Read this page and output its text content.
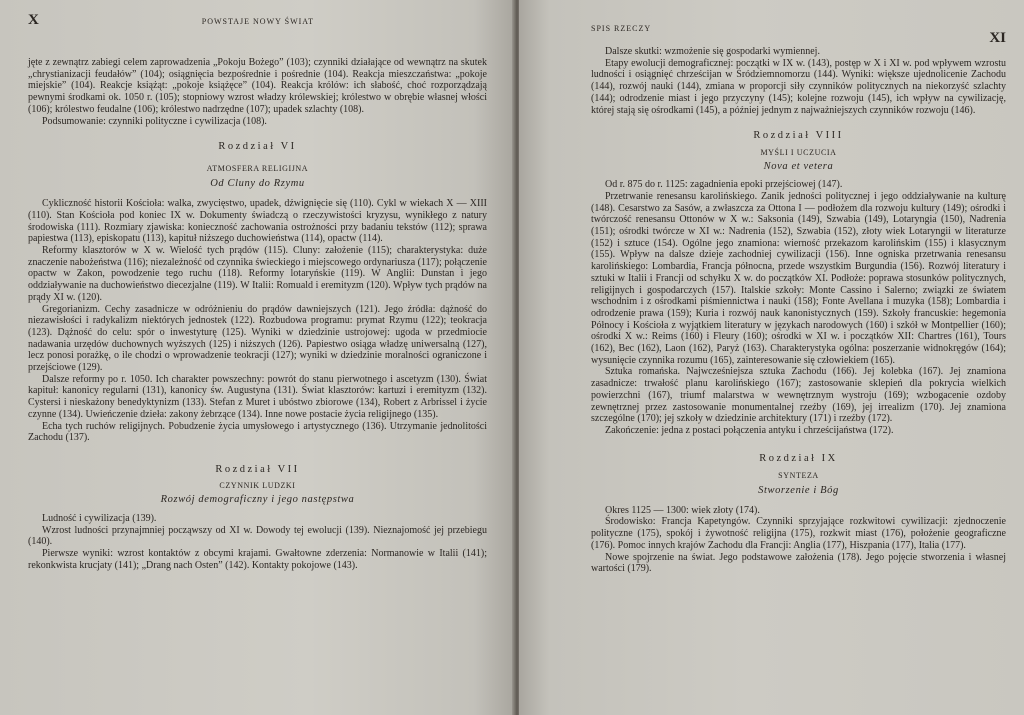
X	POWSTAJE NOWY ŚWIAT

jęte z zewnątrz zabiegi celem zaprowadzenia „Pokoju Bożego” (103); czynniki działające od wewnątrz na skutek „chrystianizacji feudałów” (104); osiągnięcia bezpośrednie i pośrednie (104). Reakcja mieszczaństwa: „pokoje miejskie” (104). Reakcje książąt: „pokoje książęce” (104). Reakcja królów: ich słabość, choć rozporządzają pewnymi środkami ok. 1050 r. (105); stopniowy wzrost władzy królewskiej; królestwo w obrębie własnej włości (106); królestwo feudalne (106); królestwo nadrzędne (107); upadek szlachty (108).

Podsumowanie: czynniki polityczne i cywilizacja (108).

Rozdział VI
ATMOSFERA RELIGIJNA
Od Cluny do Rzymu

Cykliczność historii Kościoła: walka, zwycięstwo, upadek, dźwignięcie się (110). Cykl w wiekach X — XIII (110). Stan Kościoła pod koniec IX w. Dokumenty świadczą o rzeczywistości kryzysu, wynikłego z natury środowiska (111). Rozmiary zjawiska: konieczność zachowania ostrożności przy badaniu tekstów (112); sprawa papiestwa (113), episkopatu (113), kapituł niższego duchowieństwa (114), opactw (114).

Reformy klasztorów w X w. Wielość tych prądów (115). Cluny: założenie (115); charakterystyka: duże znaczenie nabożeństwa (116); niezależność od czynnika świeckiego i miejscowego ordynariusza (117); połączenie opactw w Zakon, powodzenie tego ruchu (118). Reformy lotaryńskie (119). W Anglii: Dunstan i jego oddziaływanie na duchowieństwo diecezjalne (119). W Italii: Romuald i eremityzm (120). Wpływ tych prądów na prądy XI w. (120).

Gregorianizm. Cechy zasadnicze w odróżnieniu do prądów dawniejszych (121). Jego źródła: dążność do niezawisłości i radykalizm niektórych jednostek (122). Rozbudowa programu: prymat Rzymu (122); teokracja (123). Dążność do celu: spór o inwestyturę (125). Wyniki w dziedzinie ustrojowej: ugoda w przedmiocie nadawania urzędów duchownych wyższych (125) i niższych (126). Papiestwo osiąga władzę uniwersalną (127), lecz ponosi porażkę, o ile chodzi o wprowadzenie teokracji (127); wyniki w dziedzinie moralności ograniczone i przejściowe (129).

Dalsze reformy po r. 1050. Ich charakter powszechny: powrót do stanu pierwotnego i ascetyzm (130). Świat kapituł: kanonicy regularni (131), kanonicy św. Augustyna (131). Świat klasztorów: kartuzi i eremityzm (132). Cystersi i nieskażony benedyktynizm (133). Stefan z Muret i ubóstwo zbiorowe (134), Robert z Arbrissel i życie czynne (134). Uwieńczenie dzieła: zakony żebrzące (134). Inne nowe postacie życia religijnego (135).

Echa tych ruchów religijnych. Pobudzenie życia umysłowego i artystycznego (136). Utrzymanie jednolitości Zachodu (137).

Rozdział VII
CZYNNIK LUDZKI
Rozwój demograficzny i jego następstwa

Ludność i cywilizacja (139).

Wzrost ludności przynajmniej począwszy od XI w. Dowody tej ewolucji (139). Nieznajomość jej przebiegu (140).

Pierwsze wyniki: wzrost kontaktów z obcymi krajami. Gwałtowne zderzenia: Normanowie w Italii (141); rekonkwista krucjaty (141); „Drang nach Osten” (142). Kontakty pokojowe (143).

SPIS RZECZY
XI

Dalsze skutki: wzmożenie się gospodarki wymiennej.

Etapy ewolucji demograficznej: początki w IX w. (143), postęp w X i XI w. pod wpływem wzrostu ludności i osiągnięć chrześcijan w Śródziemnomorzu (144). Wyniki: większe ujednolicenie Zachodu (144), rozwój nauki (144), zmiana w proporcji siły czynników politycznych na niekorzyść szlachty (144); odrodzenie miast i jego przyczyny (145); kolejne rozwoju (145), ich wpływ na cywilizację, której stają się ośrodkami (145), a później jednym z najważniejszych czynników rozwoju (146).

Rozdział VIII
MYŚLI I UCZUCIA
Nova et vetera

Od r. 875 do r. 1125: zagadnienia epoki przejściowej (147).

Przetrwanie renesansu karolińskiego. Zanik jedności politycznej i jego oddziaływanie na kulturę (148). Cesarstwo za Sasów, a zwłaszcza za Ottona I — podłożem dla rozwoju kultury (149); ośrodki i twórczość renesansu Ottonów w X w.: Saksonia (149), Szwabia (149), Lotaryngia (150), Nadrenia (151); ośrodki twórcze w XI w.: Nadrenia (152), Szwabia (152), złoty wiek Lotaryngii w literaturze (152) i sztuce (154). Ogólne jego znamiona: wierność przekazom karolińskim (155) i klasycznym (155). Wpływ na dalsze dzieje zachodniej cywilizacji (156). Inne ogniska przetrwania renesansu karolińskiego: Lombardia, Francja północna, przede wszystkim Burgundia (156). Rozwój literatury i sztuki w Italii i Francji od schyłku X w. do początków XI. Podłoże: poprawa stosunków politycznych, religijnych i gospodarczych (157). Italskie szkoły: Monte Cassino i Salerno; związki ze światem wschodnim i z ośrodkami piśmiennictwa i nauki (158); Fonte Avellana i muzyka (158); Lombardia i odrodzenie prawa (159); Kuria i rozwój nauk kanonistycznych (159). Szkoły francuskie: hegemonia Północy i Kościoła z wyjątkiem literatury w językach narodowych (160) i szkół w Montpellier (160); ośrodki X w.: Reims (160) i Fleury (160); ośrodki w XI w. i początków XII: Chartres (161), Tours (162), Bec (162), Laon (162), Paryż (163). Charakterystyka ogólna: poszerzanie widnokręgów (164); wysunięcie czynnika rozumu (165), zainteresowanie się człowiekiem (165).

Sztuka romańska. Najwcześniejsza sztuka Zachodu (166). Jej kolebka (167). Jej znamiona zasadnicze: trwałość planu karolińskiego (167); zastosowanie sklepień dla pokrycia wielkich powierzchni (167), triumf malarstwa w wewnętrznym wystroju (169); wzbogacenie ozdoby zewnętrznej przez zastosowanie monumentalnej rzeźby (169), jej irrealizm (170). Jej znamiona szczególne (170); jej szkoły w dziedzinie architektury (171) i rzeźby (172).

Zakończenie: jedna z postaci połączenia antyku i chrześcijaństwa (172).

Rozdział IX
SYNTEZA
Stworzenie i Bóg

Okres 1125 — 1300: wiek złoty (174).

Środowisko: Francja Kapetyngów. Czynniki sprzyjające rozkwitowi cywilizacji: zjednoczenie polityczne (175), spokój i żywotność religijna (175), rozkwit miast (176), położenie geograficzne (176). Pomoc innych krajów Zachodu dla Francji: Anglia (177), Hiszpania (177), Italia (177).

Nowe spojrzenie na świat. Jego podstawowe założenia (178). Jego pojęcie stworzenia i własnej wartości (179).
